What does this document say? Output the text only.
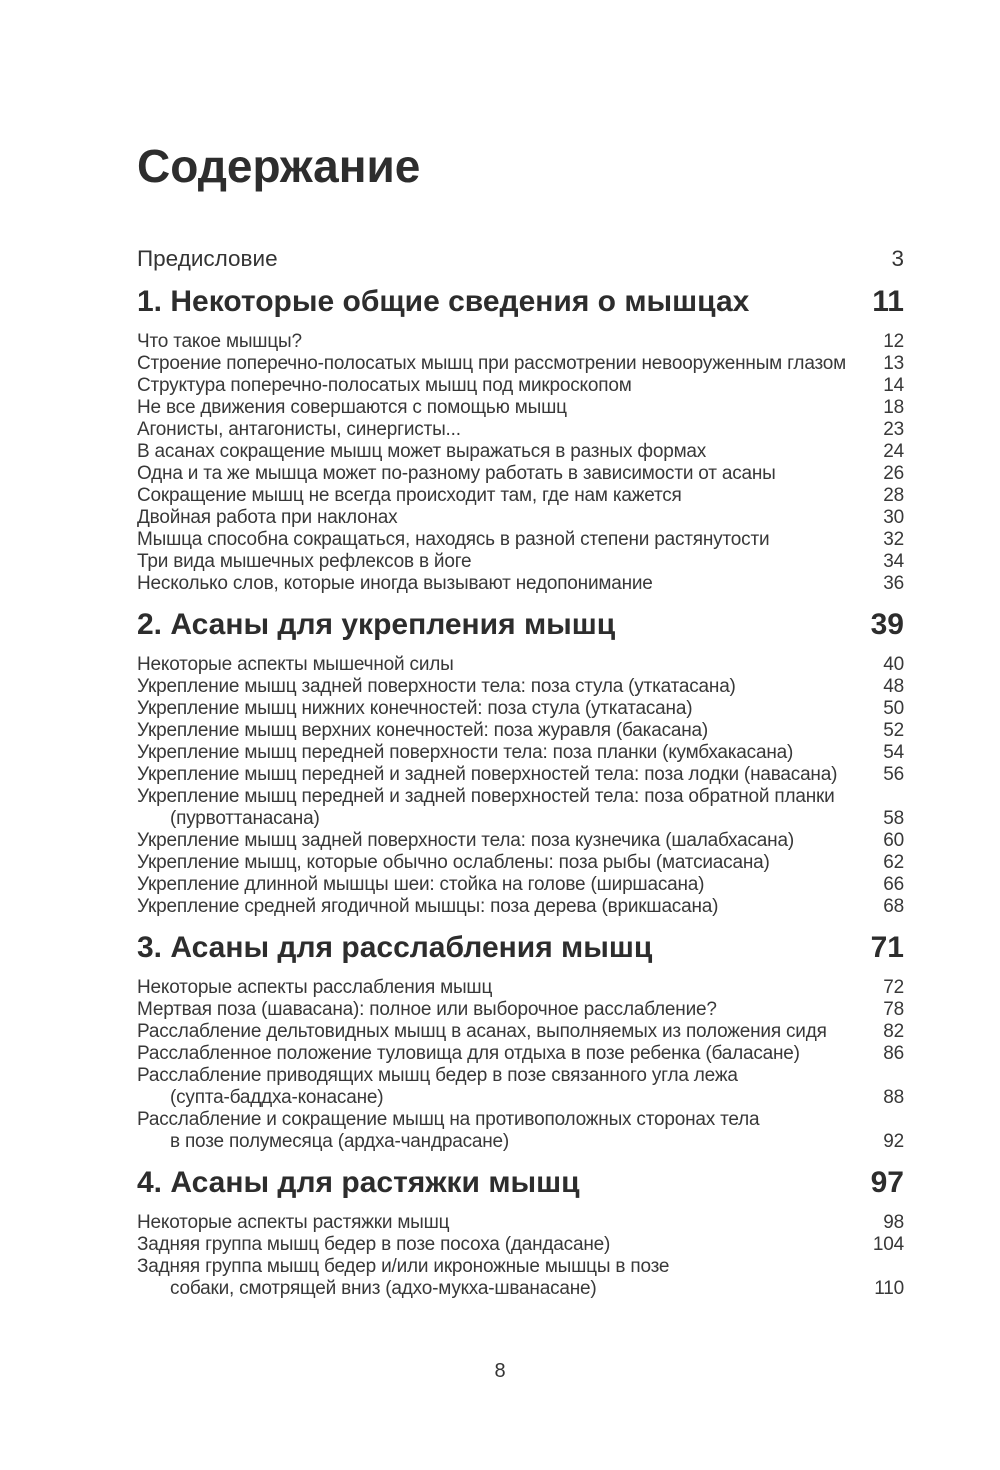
Содержание
Предисловие	3
1. Некоторые общие сведения о мышцах	11
Что такое мышцы?	12
Строение поперечно-полосатых мышц при рассмотрении невооруженным глазом	13
Структура поперечно-полосатых мышц под микроскопом	14
Не все движения совершаются с помощью мышц	18
Агонисты, антагонисты, синергисты...	23
В асанах сокращение мышц может выражаться в разных формах	24
Одна и та же мышца может по-разному работать в зависимости от асаны	26
Сокращение мышц не всегда происходит там, где нам кажется	28
Двойная работа при наклонах	30
Мышца способна сокращаться, находясь в разной степени растянутости	32
Три вида мышечных рефлексов в йоге	34
Несколько слов, которые иногда вызывают недопонимание	36
2. Асаны для укрепления мышц	39
Некоторые аспекты мышечной силы	40
Укрепление мышц задней поверхности тела: поза стула (уткатасана)	48
Укрепление мышц нижних конечностей: поза стула (уткатасана)	50
Укрепление мышц верхних конечностей: поза журавля (бакасана)	52
Укрепление мышц передней поверхности тела: поза планки (кумбхакасана)	54
Укрепление мышц передней и задней поверхностей тела: поза лодки (навасана)	56
Укрепление мышц передней и задней поверхностей тела: поза обратной планки
(пурвоттанасана)	58
Укрепление мышц задней поверхности тела: поза кузнечика (шалабхасана)	60
Укрепление мышц, которые обычно ослаблены: поза рыбы (матсиасана)	62
Укрепление длинной мышцы шеи: стойка на голове (ширшасана)	66
Укрепление средней ягодичной мышцы: поза дерева (врикшасана)	68
3. Асаны для расслабления мышц	71
Некоторые аспекты расслабления мышц	72
Мертвая поза (шавасана): полное или выборочное расслабление?	78
Расслабление дельтовидных мышц в асанах, выполняемых из положения сидя	82
Расслабленное положение туловища для отдыха в позе ребенка (баласане)	86
Расслабление приводящих мышц бедер в позе связанного угла лежа
(супта-баддха-конасане)	88
Расслабление и сокращение мышц на противоположных сторонах тела
в позе полумесяца (ардха-чандрасане)	92
4. Асаны для растяжки мышц	97
Некоторые аспекты растяжки мышц	98
Задняя группа мышц бедер в позе посоха (дандасане)	104
Задняя группа мышц бедер и/или икроножные мышцы в позе
собаки, смотрящей вниз (адхо-мукха-шванасане)	110
8
